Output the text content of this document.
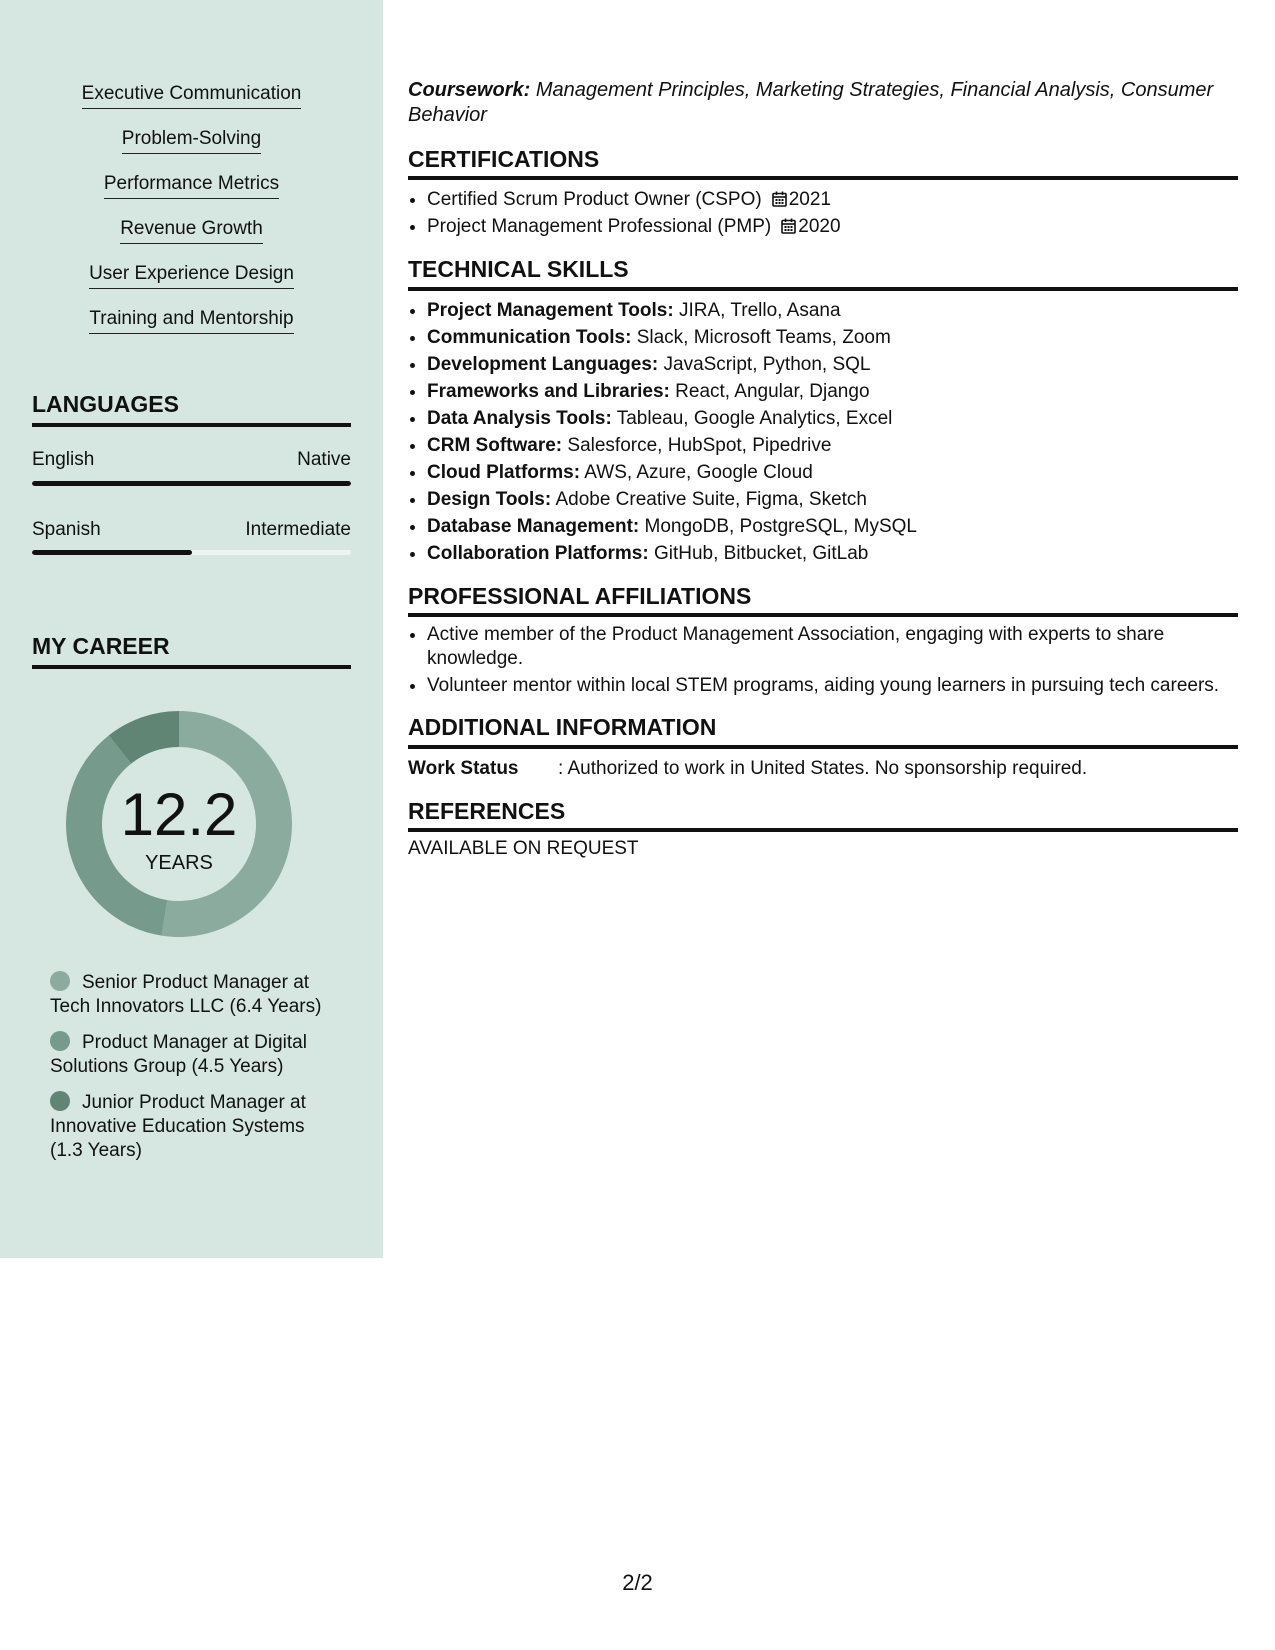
Executive Communication
Problem-Solving
Performance Metrics
Revenue Growth
User Experience Design
Training and Mentorship
LANGUAGES
English	Native
Spanish	Intermediate
MY CAREER
12.2
YEARS
Senior Product Manager at Tech Innovators LLC (6.4 Years)
Product Manager at Digital Solutions Group (4.5 Years)
Junior Product Manager at Innovative Education Systems (1.3 Years)

Coursework: Management Principles, Marketing Strategies, Financial Analysis, Consumer Behavior

CERTIFICATIONS
• Certified Scrum Product Owner (CSPO) 2021
• Project Management Professional (PMP) 2020
TECHNICAL SKILLS
• Project Management Tools: JIRA, Trello, Asana
• Communication Tools: Slack, Microsoft Teams, Zoom
• Development Languages: JavaScript, Python, SQL
• Frameworks and Libraries: React, Angular, Django
• Data Analysis Tools: Tableau, Google Analytics, Excel
• CRM Software: Salesforce, HubSpot, Pipedrive
• Cloud Platforms: AWS, Azure, Google Cloud
• Design Tools: Adobe Creative Suite, Figma, Sketch
• Database Management: MongoDB, PostgreSQL, MySQL
• Collaboration Platforms: GitHub, Bitbucket, GitLab
PROFESSIONAL AFFILIATIONS
• Active member of the Product Management Association, engaging with experts to share knowledge.
• Volunteer mentor within local STEM programs, aiding young learners in pursuing tech careers.
ADDITIONAL INFORMATION

Work Status : Authorized to work in United States. No sponsorship required.

REFERENCES

AVAILABLE ON REQUEST

2/2
